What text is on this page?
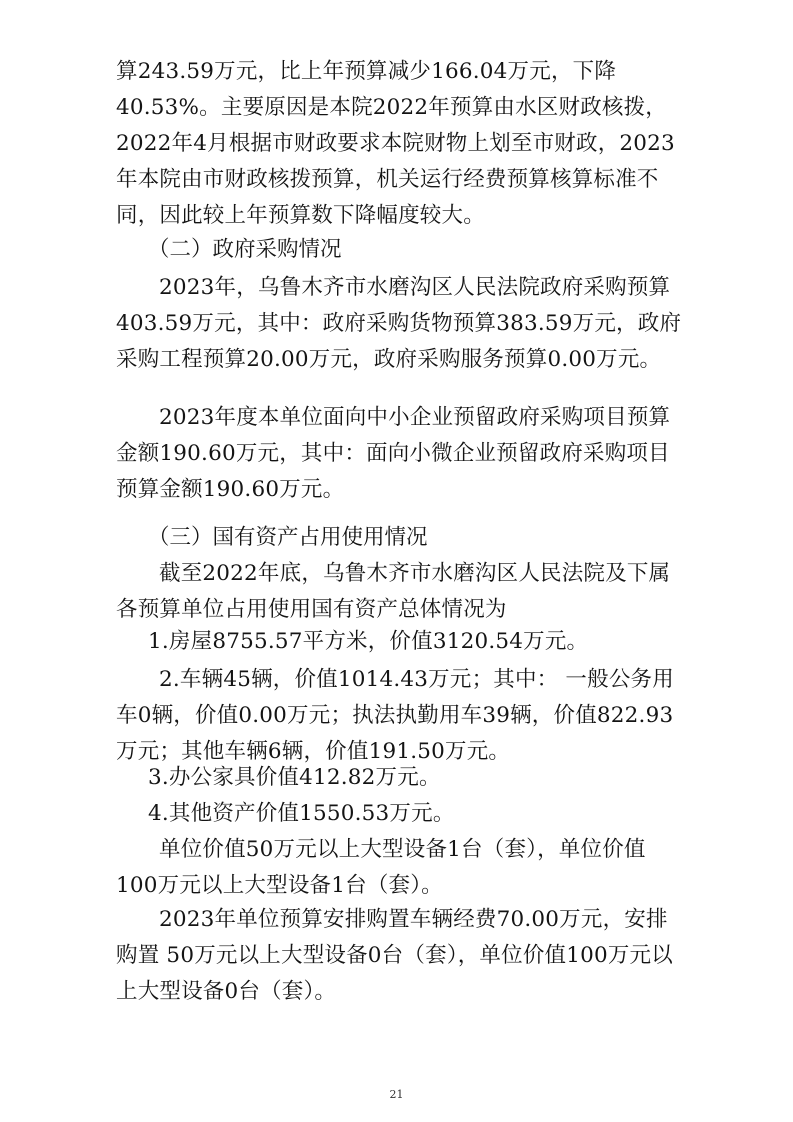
算243.59万元，比上年预算减少166.04万元，下降40.53%。主要原因是本院2022年预算由水区财政核拨，2022年4月根据市财政要求本院财物上划至市财政，2023年本院由市财政核拨预算，机关运行经费预算核算标准不同，因此较上年预算数下降幅度较大。

（二）政府采购情况

2023年，乌鲁木齐市水磨沟区人民法院政府采购预算403.59万元，其中：政府采购货物预算383.59万元，政府采购工程预算20.00万元，政府采购服务预算0.00万元。

2023年度本单位面向中小企业预留政府采购项目预算金额190.60万元，其中：面向小微企业预留政府采购项目预算金额190.60万元。

（三）国有资产占用使用情况

截至2022年底，乌鲁木齐市水磨沟区人民法院及下属各预算单位占用使用国有资产总体情况为

1.房屋8755.57平方米，价值3120.54万元。

2.车辆45辆，价值1014.43万元；其中： 一般公务用车0辆，价值0.00万元；执法执勤用车39辆，价值822.93万元；其他车辆6辆，价值191.50万元。

3.办公家具价值412.82万元。

4.其他资产价值1550.53万元。

单位价值50万元以上大型设备1台（套），单位价值100万元以上大型设备1台（套）。

2023年单位预算安排购置车辆经费70.00万元，安排购置 50万元以上大型设备0台（套），单位价值100万元以上大型设备0台（套）。

21
